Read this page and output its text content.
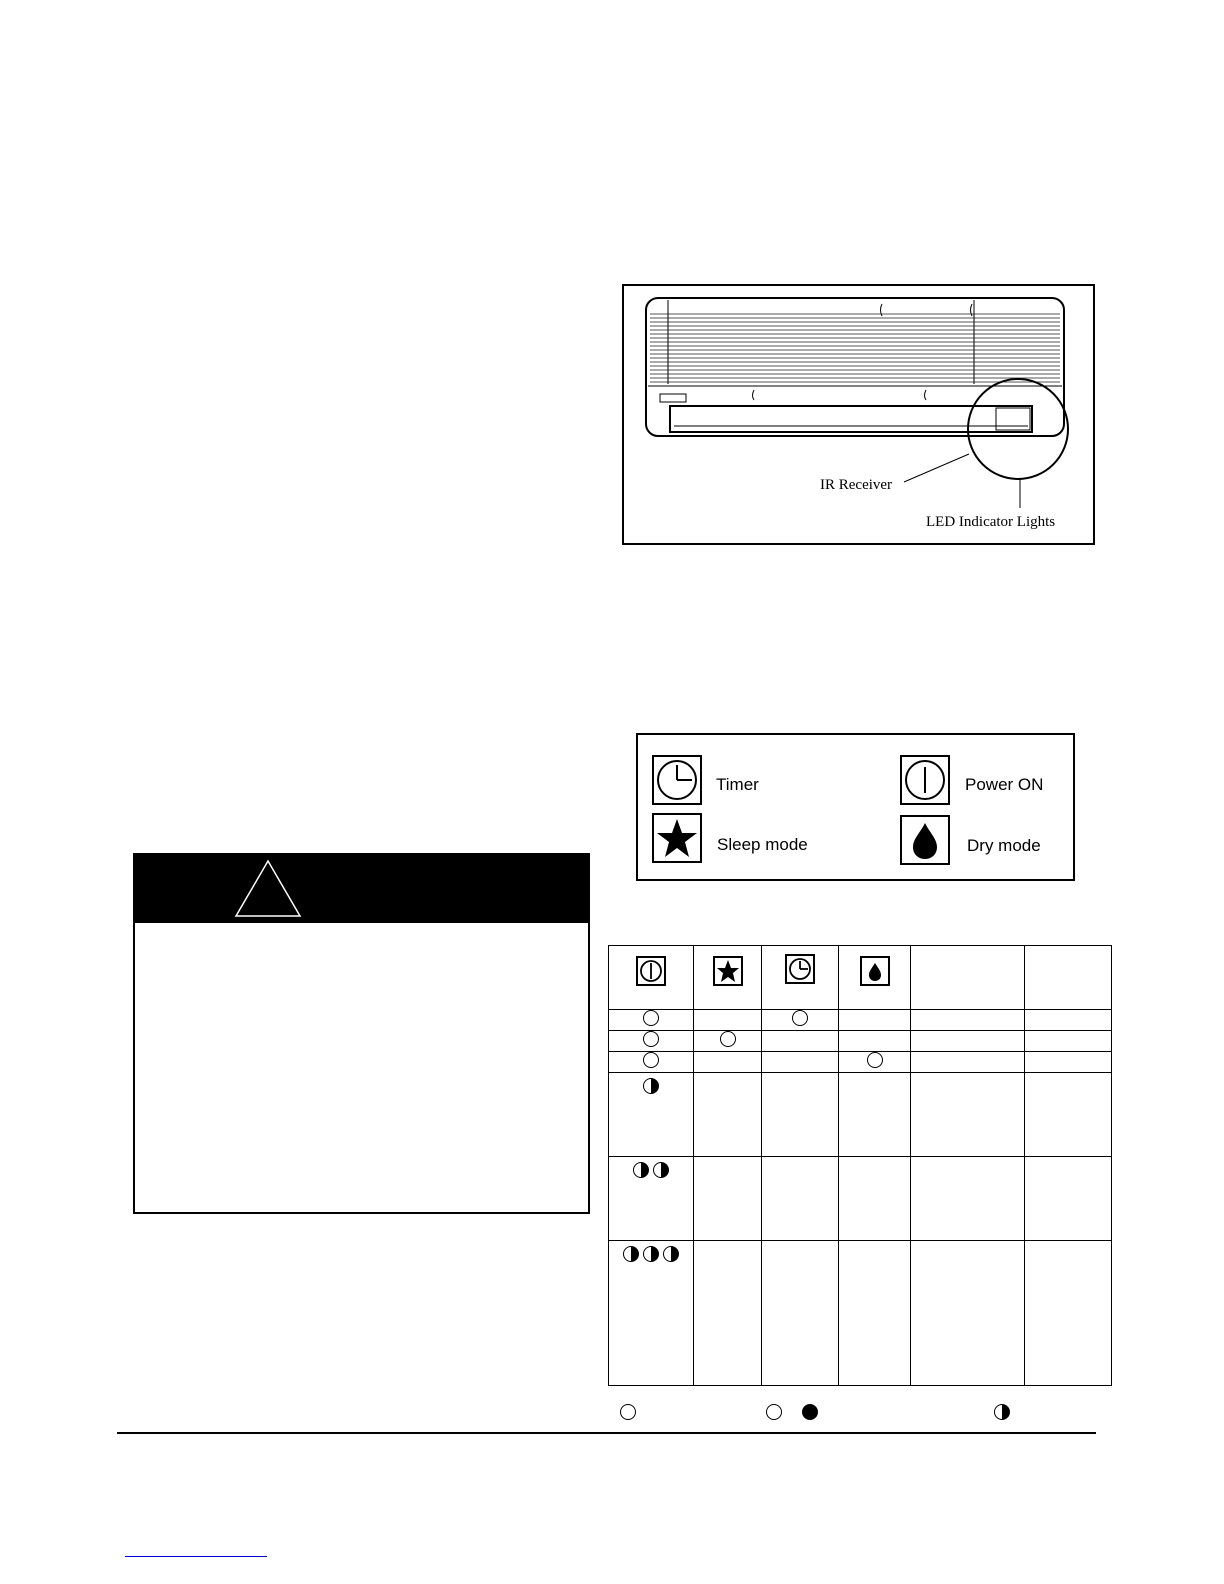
IR Receiver
LED Indicator Lights
Timer	Power ON
Sleep mode	Dry mode
